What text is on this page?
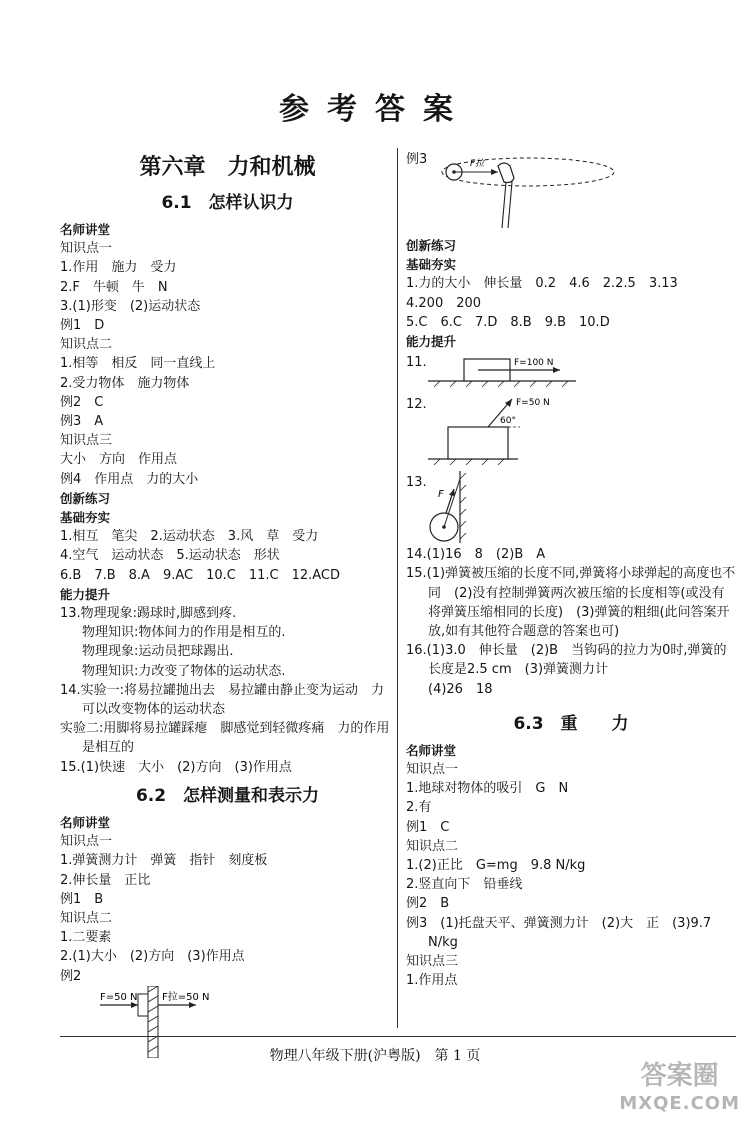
参考答案
第六章　力和机械
6.1　怎样认识力
名师讲堂
知识点一
1.作用　施力　受力
2.F　牛顿　牛　N
3.(1)形变　(2)运动状态
例1　D
知识点二
1.相等　相反　同一直线上
2.受力物体　施力物体
例2　C
例3　A
知识点三
大小　方向　作用点
例4　作用点　力的大小
创新练习
基础夯实
1.相互　笔尖　2.运动状态　3.风　草　受力
4.空气　运动状态　5.运动状态　形状
6.B　7.B　8.A　9.AC　10.C　11.C　12.ACD
能力提升
13.物理现象:踢球时,脚感到疼.
物理知识:物体间力的作用是相互的.
物理现象:运动员把球踢出.
物理知识:力改变了物体的运动状态.
14.实验一:将易拉罐抛出去　易拉罐由静止变为运动　力可以改变物体的运动状态
实验二:用脚将易拉罐踩瘪　脚感觉到轻微疼痛　力的作用是相互的
15.(1)快速　大小　(2)方向　(3)作用点
6.2　怎样测量和表示力
名师讲堂
知识点一
1.弹簧测力计　弹簧　指针　刻度板
2.伸长量　正比
例1　B
知识点二
1.二要素
2.(1)大小　(2)方向　(3)作用点
例2
F=50 N F拉=50 N
例3	F拉
创新练习
基础夯实
1.力的大小　伸长量　0.2　4.6　2.2.5　3.13
4.200　200
5.C　6.C　7.D　8.B　9.B　10.D
能力提升
11.	F=100 N
12.	F=50 N
60°
13.
F
14.(1)16　8　(2)B　A
15.(1)弹簧被压缩的长度不同,弹簧将小球弹起的高度也不同　(2)没有控制弹簧两次被压缩的长度相等(或没有将弹簧压缩相同的长度)　(3)弹簧的粗细(此问答案开放,如有其他符合题意的答案也可)
16.(1)3.0　伸长量　(2)B　当钩码的拉力为0时,弹簧的长度是2.5 cm　(3)弹簧测力计
(4)26　18
6.3　重　　力
名师讲堂
知识点一
1.地球对物体的吸引　G　N
2.有
例1　C
知识点二
1.(2)正比　G=mg　9.8 N/kg
2.竖直向下　铅垂线
例2　B
例3　(1)托盘天平、弹簧测力计　(2)大　正　(3)9.7 N/kg
知识点三
1.作用点
物理八年级下册(沪粤版)　第 1 页
答案圈
MXQE.COM
